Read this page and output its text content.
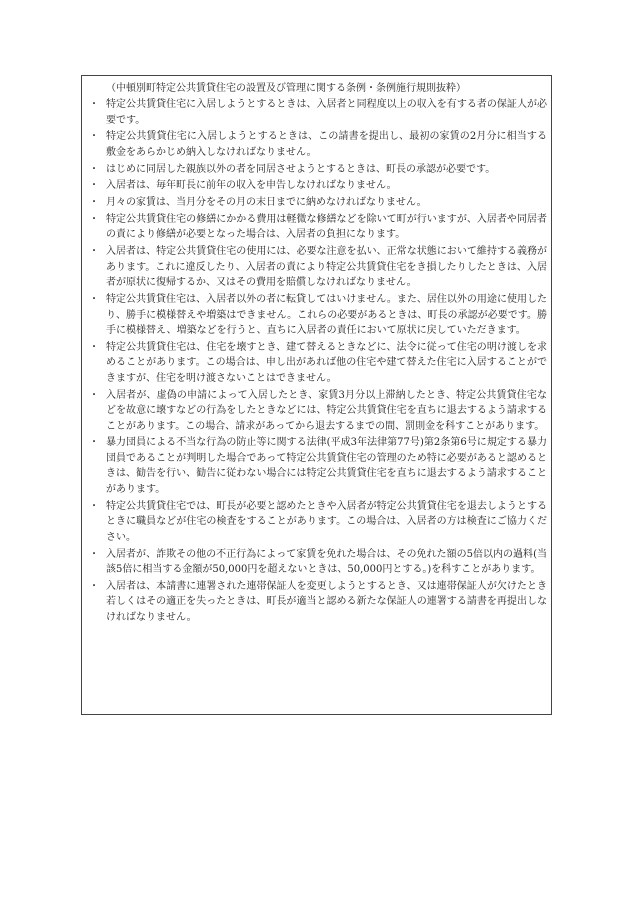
（中頓別町特定公共賃貸住宅の設置及び管理に関する条例・条例施行規則抜粋）
・ 特定公共賃貸住宅に入居しようとするときは、入居者と同程度以上の収入を有する者の保証人が必要です。
・ 特定公共賃貸住宅に入居しようとするときは、この請書を提出し、最初の家賃の2月分に相当する敷金をあらかじめ納入しなければなりません。
・ はじめに同居した親族以外の者を同居させようとするときは、町長の承認が必要です。
・ 入居者は、毎年町長に前年の収入を申告しなければなりません。
・ 月々の家賃は、当月分をその月の末日までに納めなければなりません。
・ 特定公共賃貸住宅の修繕にかかる費用は軽微な修繕などを除いて町が行いますが、入居者や同居者の責により修繕が必要となった場合は、入居者の負担になります。
・ 入居者は、特定公共賃貸住宅の使用には、必要な注意を払い、正常な状態において維持する義務があります。これに違反したり、入居者の責により特定公共賃貸住宅をき損したりしたときは、入居者が原状に復帰するか、又はその費用を賠償しなければなりません。
・ 特定公共賃貸住宅は、入居者以外の者に転貸してはいけません。また、居住以外の用途に使用したり、勝手に模様替えや増築はできません。これらの必要があるときは、町長の承認が必要です。勝手に模様替え、増築などを行うと、直ちに入居者の責任において原状に戻していただきます。
・ 特定公共賃貸住宅は、住宅を壊すとき、建て替えるときなどに、法令に従って住宅の明け渡しを求めることがあります。この場合は、申し出があれば他の住宅や建て替えた住宅に入居することができますが、住宅を明け渡さないことはできません。
・ 入居者が、虚偽の申請によって入居したとき、家賃3月分以上滞納したとき、特定公共賃貸住宅などを故意に壊すなどの行為をしたときなどには、特定公共賃貸住宅を直ちに退去するよう請求することがあります。この場合、請求があってから退去するまでの間、罰則金を科すことがあります。
・ 暴力団員による不当な行為の防止等に関する法律(平成3年法律第77号)第2条第6号に規定する暴力団員であることが判明した場合であって特定公共賃貸住宅の管理のため特に必要があると認めるときは、勧告を行い、勧告に従わない場合には特定公共賃貸住宅を直ちに退去するよう請求することがあります。
・ 特定公共賃貸住宅では、町長が必要と認めたときや入居者が特定公共賃貸住宅を退去しようとするときに職員などが住宅の検査をすることがあります。この場合は、入居者の方は検査にご協力ください。
・ 入居者が、詐欺その他の不正行為によって家賃を免れた場合は、その免れた額の5倍以内の過料(当該5倍に相当する金額が50,000円を超えないときは、50,000円とする。)を科すことがあります。
・ 入居者は、本請書に連署された連帯保証人を変更しようとするとき、又は連帯保証人が欠けたとき若しくはその適正を失ったときは、町長が適当と認める新たな保証人の連署する請書を再提出しなければなりません。
